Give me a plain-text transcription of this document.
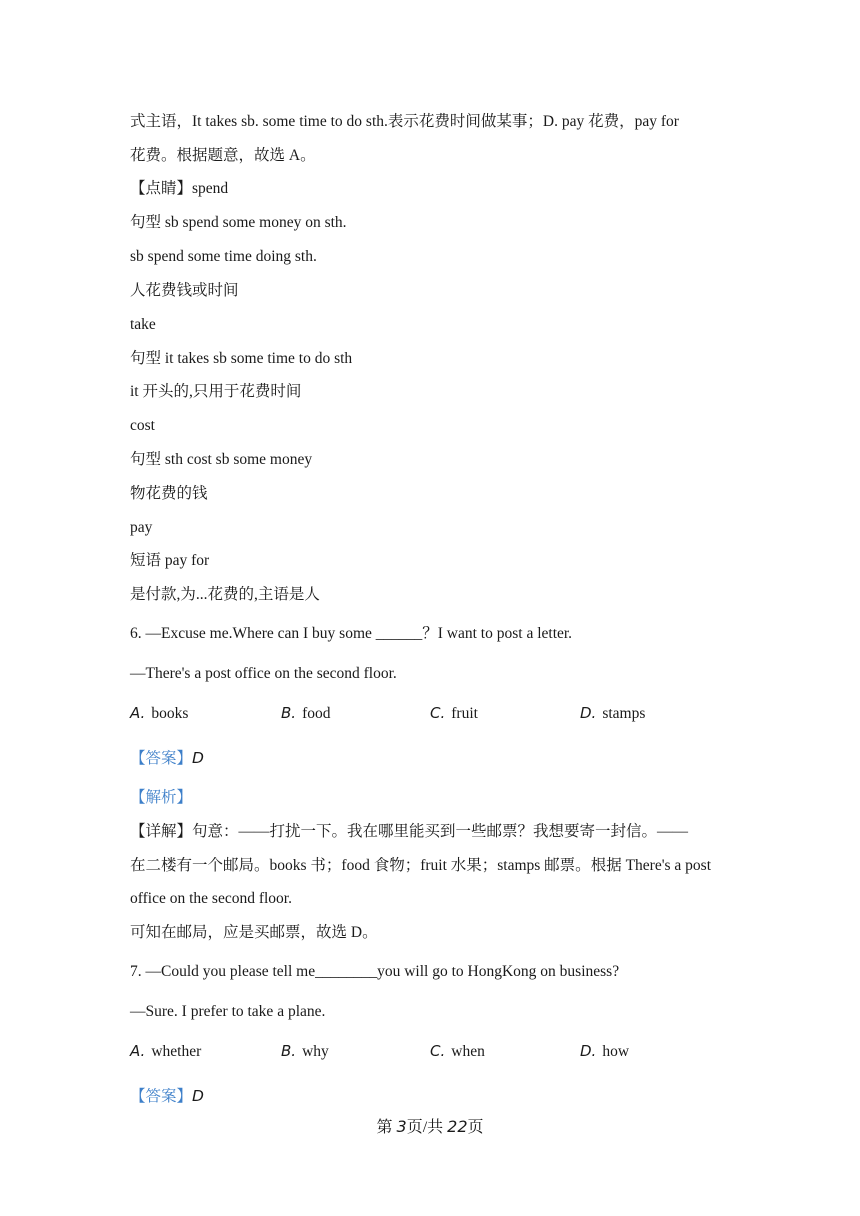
式主语，It takes sb. some time to do sth.表示花费时间做某事；D. pay 花费，pay for
花费。根据题意，故选 A。
【点睛】spend
句型 sb spend some money on sth.
sb spend some time doing sth.
人花费钱或时间
take
句型 it takes sb some time to do sth
it 开头的,只用于花费时间
cost
句型 sth cost sb some money
物花费的钱
pay
短语 pay for
是付款,为...花费的,主语是人
6. —Excuse me.Where can I buy some ______？I want to post a letter.
—There's a post office on the second floor.
A. books	B. food	C. fruit	D. stamps
【答案】D
【解析】
【详解】句意：——打扰一下。我在哪里能买到一些邮票？我想要寄一封信。——
在二楼有一个邮局。books 书；food 食物；fruit 水果；stamps 邮票。根据 There's a post
office on the second floor.
可知在邮局，应是买邮票，故选 D。
7. —Could you please tell me________you will go to HongKong on business?
—Sure. I prefer to take a plane.
A. whether	B. why	C. when	D. how
【答案】D
第 3页/共 22页
